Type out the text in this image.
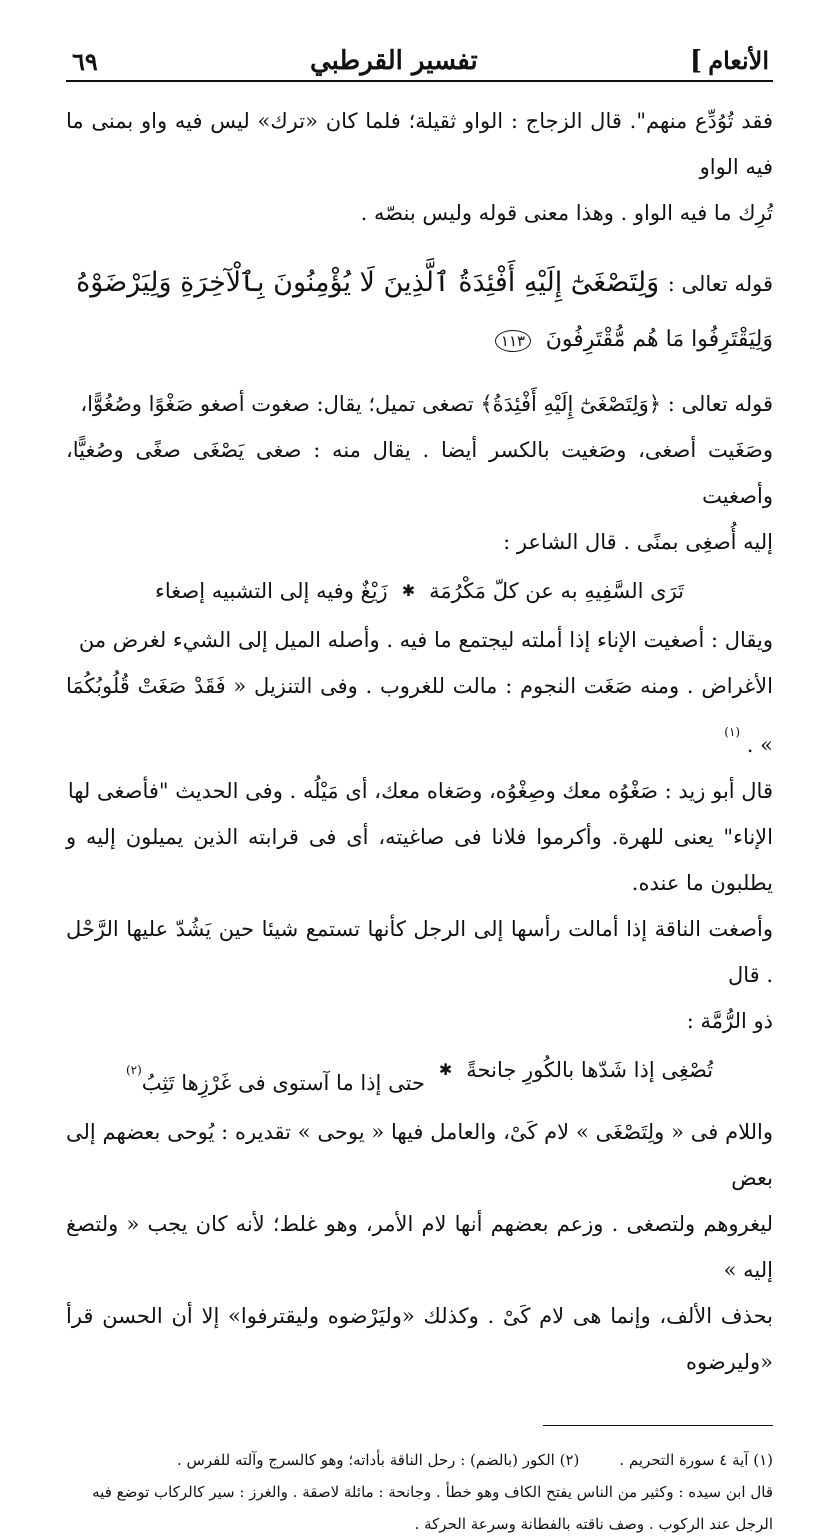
الأنعام]
تفسير القرطبي
٦٩

فقد تُوُدِّع منهم". قال الزجاج : الواو ثقيلة؛ فلما كان «ترك» ليس فيه واو بمنى ما فيه الواو

تُرِك ما فيه الواو . وهذا معنى قوله وليس بنصّه .

قوله تعالى : وَلِتَصْغَىٰٓ إِلَيْهِ أَفْئِدَةُ ٱلَّذِينَ لَا يُؤْمِنُونَ بِٱلْآخِرَةِ وَلِيَرْضَوْهُ

وَلِيَقْتَرِفُوا مَا هُم مُّقْتَرِفُونَ ١١٣

قوله تعالى : ﴿وَلِتَصْغَىٰٓ إِلَيْهِ أَفْئِدَةُ﴾ تصغى تميل؛ يقال: صغوت أصغو صَغْوًا وصُغُوًّا،

وصَغَيت أصغى، وصَغيت بالكسر أيضا . يقال منه : صغى يَصْغَى صغًى وصُغيًّا، وأصغيت

إليه أُصغِى بمنًى . قال الشاعر :

تَرَى السَّفِيهِ به عن كلّ مَكْرُمَة
✱
زَيْغٌ وفيه إلى التشبيه إصغاء

ويقال : أصغيت الإناء إذا أملته ليجتمع ما فيه . وأصله الميل إلى الشيء لغرض من

الأغراض . ومنه صَغَت النجوم : مالت للغروب . وفى التنزيل « فَقَدْ صَغَتْ قُلُوبُكُمَا » . $^{(١)}$

قال أبو زيد : صَغْوُه معك وصِغْوُه، وصَغاه معك، أى مَيْلُه . وفى الحديث "فأصغى لها

الإناء" يعنى للهرة. وأكرموا فلانا فى صاغيته، أى فى قرابته الذين يميلون إليه و يطلبون ما عنده.

وأصغت الناقة إذا أمالت رأسها إلى الرجل كأنها تستمع شيئا حين يَشُدّ عليها الرَّحْل . قال

ذو الرُّمَّة :

تُصْغِى إذا شَدّها بالكُورِ جانحةً
✱
حتى إذا ما آستوى فى غَرْزِها تَثِبُ$^{(٢)}$

واللام فى « ولِتَصْغَى » لام كَىْ، والعامل فيها « يوحى » تقديره : يُوحى بعضهم إلى بعض

ليغروهم ولتصغى . وزعم بعضهم أنها لام الأمر، وهو غلط؛ لأنه كان يجب « ولتصغ إليه »

بحذف الألف، وإنما هى لام كَىْ . وكذلك «وليَرْضوه وليقترفوا» إلا أن الحسن قرأ «وليرضوه

(١) آية ٤ سورة التحريم .

(٢) الكور (بالضم) : رحل الناقة بأداته؛ وهو كالسرج وآلته للفرس .

قال ابن سيده : وكثير من الناس يفتح الكاف وهو خطأ . وجانحة : مائلة لاصقة . والغرز : سير كالركاب توضع فيه

الرجل عند الركوب . وصف ناقته بالفطانة وسرعة الحركة .
